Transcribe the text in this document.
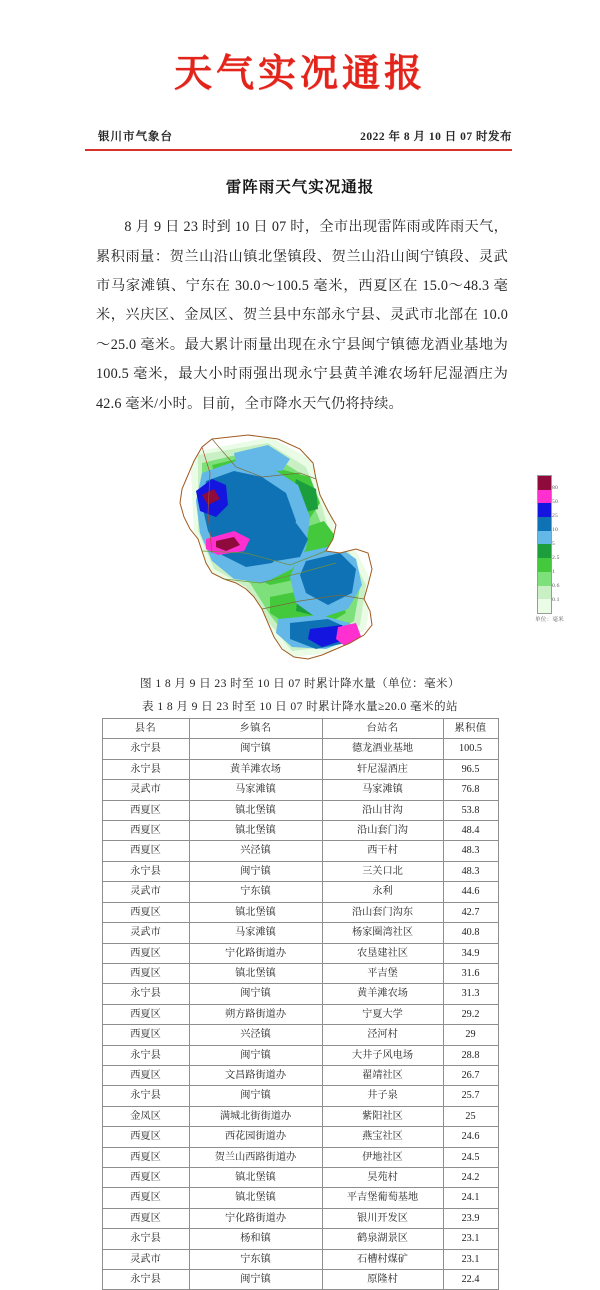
天气实况通报
银川市气象台	2022 年 8 月 10 日 07 时发布
雷阵雨天气实况通报

8 月 9 日 23 时到 10 日 07 时，全市出现雷阵雨或阵雨天气，累积雨量：贺兰山沿山镇北堡镇段、贺兰山沿山闽宁镇段、灵武市马家滩镇、宁东在 30.0～100.5 毫米，西夏区在 15.0～48.3 毫米，兴庆区、金凤区、贺兰县中东部永宁县、灵武市北部在 10.0～25.0 毫米。最大累计雨量出现在永宁县闽宁镇德龙酒业基地为 100.5 毫米，最大小时雨强出现永宁县黄羊滩农场轩尼湿酒庄为 42.6 毫米/小时。目前，全市降水天气仍将持续。

80
50
25
10
5
2.5
1
0.6
0.1
单位：毫米
图 1 8 月 9 日 23 时至 10 日 07 时累计降水量（单位：毫米）
表 1 8 月 9 日 23 时至 10 日 07 时累计降水量≥20.0 毫米的站
县名	乡镇名	台站名	累积值
永宁县	闽宁镇	德龙酒业基地	100.5
永宁县	黄羊滩农场	轩尼湿酒庄	96.5
灵武市	马家滩镇	马家滩镇	76.8
西夏区	镇北堡镇	沿山甘沟	53.8
西夏区	镇北堡镇	沿山套门沟	48.4
西夏区	兴泾镇	西干村	48.3
永宁县	闽宁镇	三关口北	48.3
灵武市	宁东镇	永利	44.6
西夏区	镇北堡镇	沿山套门沟东	42.7
灵武市	马家滩镇	杨家圈湾社区	40.8
西夏区	宁化路街道办	农垦建社区	34.9
西夏区	镇北堡镇	平吉堡	31.6
永宁县	闽宁镇	黄羊滩农场	31.3
西夏区	朔方路街道办	宁夏大学	29.2
西夏区	兴泾镇	泾河村	29
永宁县	闽宁镇	大井子风电场	28.8
西夏区	文昌路街道办	翟靖社区	26.7
永宁县	闽宁镇	井子泉	25.7
金凤区	满城北街街道办	紫阳社区	25
西夏区	西花园街道办	燕宝社区	24.6
西夏区	贺兰山西路街道办	伊地社区	24.5
西夏区	镇北堡镇	昊苑村	24.2
西夏区	镇北堡镇	平吉堡葡萄基地	24.1
西夏区	宁化路街道办	银川开发区	23.9
永宁县	杨和镇	鹤泉湖景区	23.1
灵武市	宁东镇	石槽村煤矿	23.1
永宁县	闽宁镇	原隆村	22.4
